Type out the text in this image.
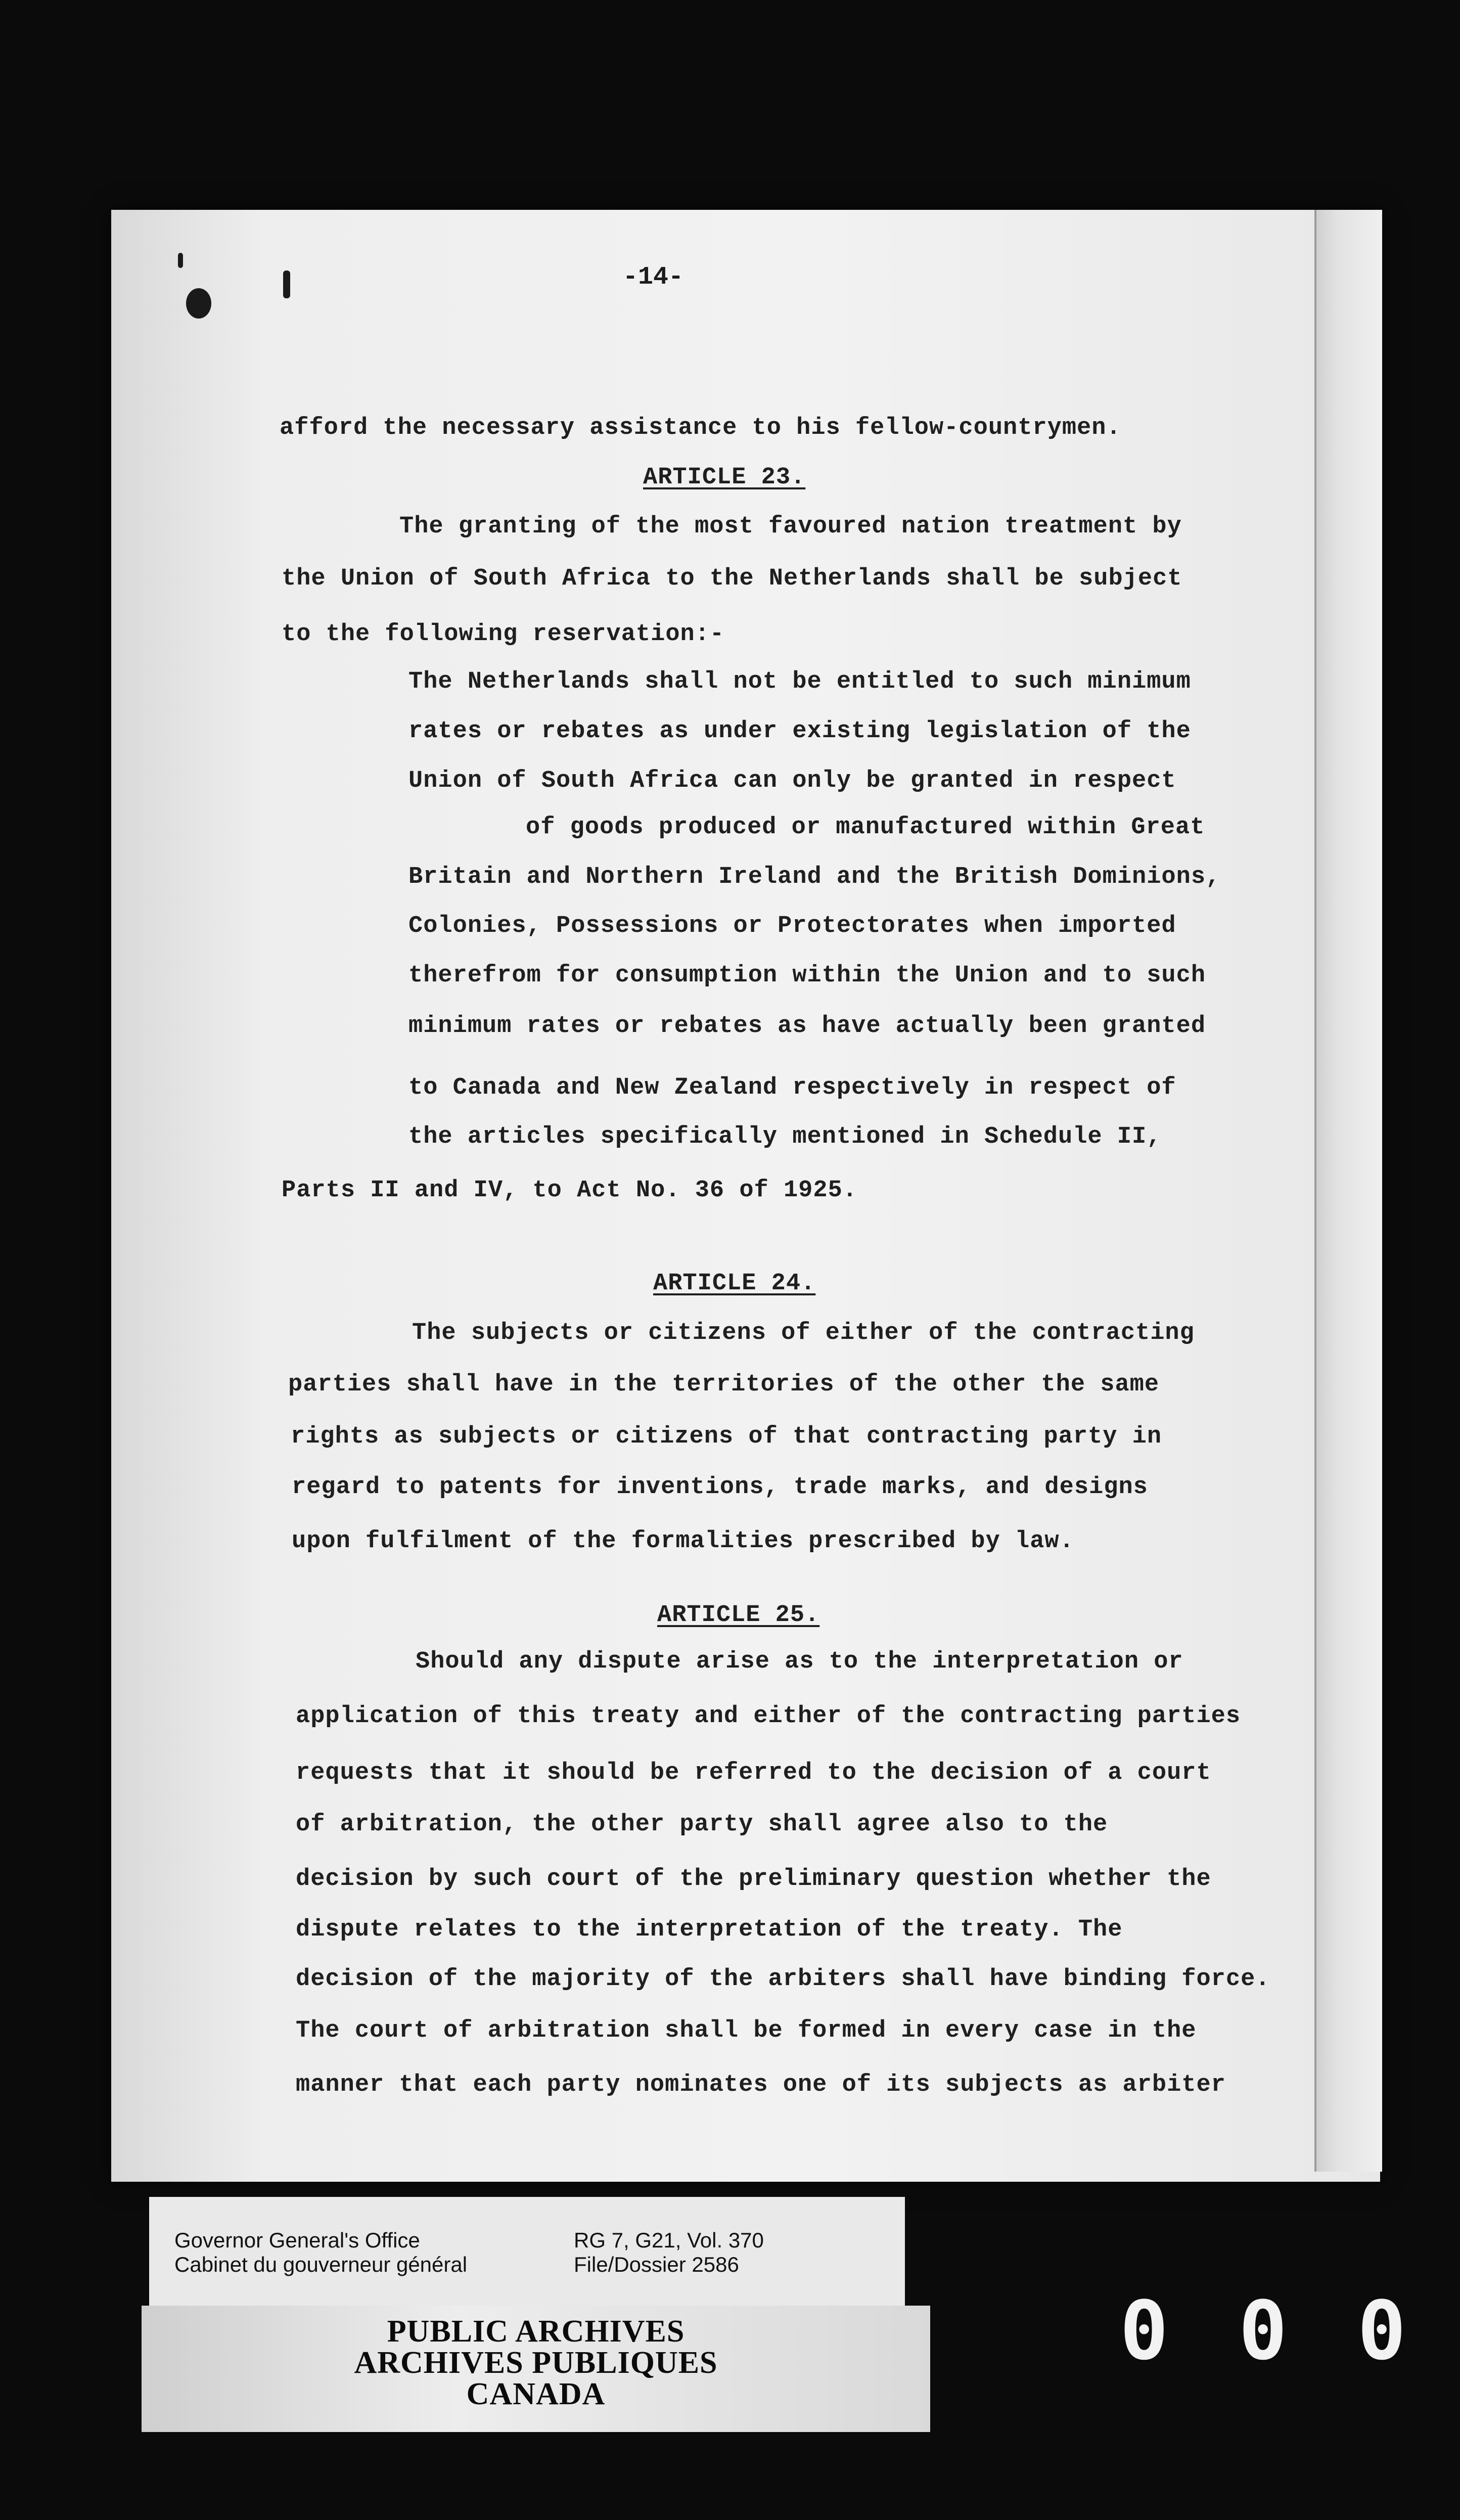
-14-
afford the necessary assistance to his fellow-countrymen.
ARTICLE 23.
The granting of the most favoured nation treatment by
the Union of South Africa to the Netherlands shall be subject
to the following reservation:-
The Netherlands shall not be entitled to such minimum
rates or rebates as under existing legislation of the
Union of South Africa can only be granted in respect
of goods produced or manufactured within Great
Britain and Northern Ireland and the British Dominions,
Colonies, Possessions or Protectorates when imported
therefrom for consumption within the Union and to such
minimum rates or rebates as have actually been granted
to Canada and New Zealand respectively in respect of
the articles specifically mentioned in Schedule II,
Parts II and IV, to Act No. 36 of 1925.
ARTICLE 24.
The subjects or citizens of either of the contracting
parties shall have in the territories of the other the same
rights as subjects or citizens of that contracting party in
regard to patents for inventions, trade marks, and designs
upon fulfilment of the formalities prescribed by law.
ARTICLE 25.
Should any dispute arise as to the interpretation or
application of this treaty and either of the contracting parties
requests that it should be referred to the decision of a court
of arbitration, the other party shall agree also to the
decision by such court of the preliminary question whether the
dispute relates to the interpretation of the treaty. The
decision of the majority of the arbiters shall have binding force.
The court of arbitration shall be formed in every case in the
manner that each party nominates one of its subjects as arbiter
Governor General's Office
Cabinet du gouverneur général
RG 7, G21, Vol. 370
File/Dossier 2586
PUBLIC ARCHIVES
ARCHIVES PUBLIQUES
CANADA
0 0 0
